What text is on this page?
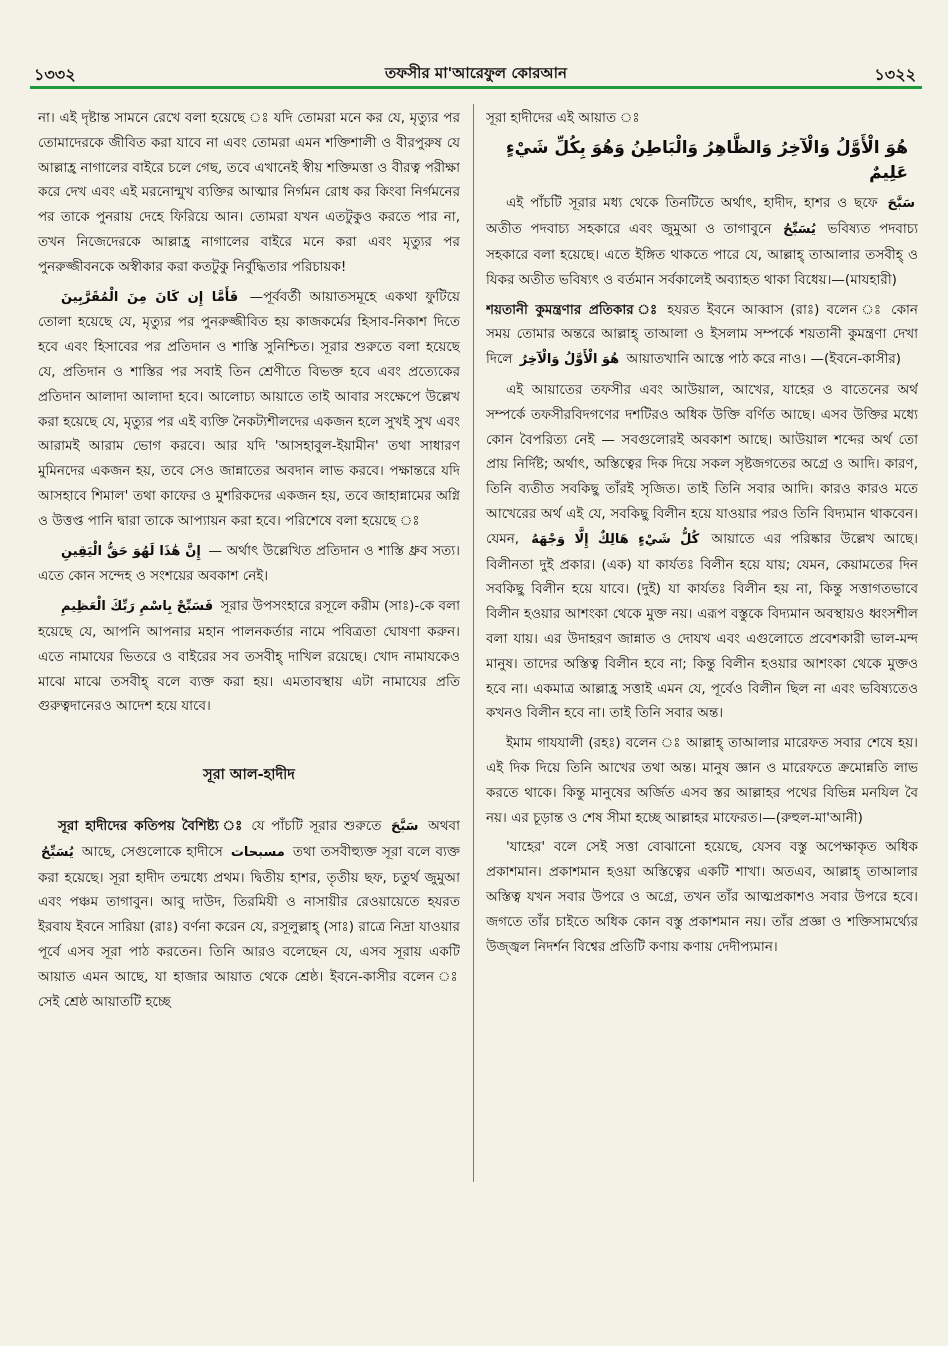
১৩৩২	তফসীর মা'আরেফুল কোরআন	১৩২২

না। এই দৃষ্টান্ত সামনে রেখে বলা হয়েছে ঃ যদি তোমরা মনে কর যে, মৃত্যুর পর তোমাদেরকে জীবিত করা যাবে না এবং তোমরা এমন শক্তিশালী ও বীরপুরুষ যে আল্লাহ্র নাগালের বাইরে চলে গেছ, তবে এখানেই স্বীয় শক্তিমত্তা ও বীরত্ব পরীক্ষা করে দেখ এবং এই মরনোন্মুখ ব্যক্তির আত্মার নির্গমন রোধ কর কিংবা নির্গমনের পর তাকে পুনরায় দেহে ফিরিয়ে আন। তোমরা যখন এতটুকুও করতে পার না, তখন নিজেদেরকে আল্লাহ্র নাগালের বাইরে মনে করা এবং মৃত্যুর পর পুনরুজ্জীবনকে অস্বীকার করা কতটুকু নির্বুদ্ধিতার পরিচায়ক!

فَأَمَّا إِن كَانَ مِنَ الْمُقَرَّبِينَ —পূর্ববর্তী আয়াতসমূহে একথা ফুটিয়ে তোলা হয়েছে যে, মৃত্যুর পর পুনরুজ্জীবিত হয় কাজকর্মের হিসাব-নিকাশ দিতে হবে এবং হিসাবের পর প্রতিদান ও শাস্তি সুনিশ্চিত। সূরার শুরুতে বলা হয়েছে যে, প্রতিদান ও শাস্তির পর সবাই তিন শ্রেণীতে বিভক্ত হবে এবং প্রত্যেকের প্রতিদান আলাদা আলাদা হবে। আলোচ্য আয়াতে তাই আবার সংক্ষেপে উল্লেখ করা হয়েছে যে, মৃত্যুর পর এই ব্যক্তি নৈকট্যশীলদের একজন হলে সুখই সুখ এবং আরামই আরাম ভোগ করবে। আর যদি 'আসহাবুল-ইয়ামীন' তথা সাধারণ মুমিনদের একজন হয়, তবে সেও জান্নাতের অবদান লাভ করবে। পক্ষান্তরে যদি আসহাবে শিমাল' তথা কাফের ও মুশরিকদের একজন হয়, তবে জাহান্নামের অগ্নি ও উত্তপ্ত পানি দ্বারা তাকে আপ্যায়ন করা হবে। পরিশেষে বলা হয়েছে ঃ

إِنَّ هَٰذَا لَهُوَ حَقُّ الْيَقِينِ — অর্থাৎ উল্লেখিত প্রতিদান ও শাস্তি ধ্রুব সত্য। এতে কোন সন্দেহ ও সংশয়ের অবকাশ নেই।

فَسَبِّحْ بِاسْمِ رَبِّكَ الْعَظِيمِ সূরার উপসংহারে রসূলে করীম (সাঃ)-কে বলা হয়েছে যে, আপনি আপনার মহান পালনকর্তার নামে পবিত্রতা ঘোষণা করুন। এতে নামাযের ভিতরে ও বাইরের সব তসবীহ্ দাখিল রয়েছে। খোদ নামাযকেও মাঝে মাঝে তসবীহ্ বলে ব্যক্ত করা হয়। এমতাবস্থায় এটা নামাযের প্রতি গুরুত্বদানেরও আদেশ হয়ে যাবে।

সূরা আল-হাদীদ

সূরা হাদীদের কতিপয় বৈশিষ্ট্য ঃ যে পাঁচটি সূরার শুরুতে سَبَّحَ অথবা يُسَبِّحُ আছে, সেগুলোকে হাদীসে مسبحات তথা তসবীহ্যুক্ত সূরা বলে ব্যক্ত করা হয়েছে। সূরা হাদীদ তন্মধ্যে প্রথম। দ্বিতীয় হাশর, তৃতীয় ছফ, চতুর্থ জুমুআ এবং পঞ্চম তাগাবুন। আবু দাউদ, তিরমিযী ও নাসায়ীর রেওয়ায়েতে হযরত ইরবায ইবনে সারিয়া (রাঃ) বর্ণনা করেন যে, রসূলুল্লাহ্ (সাঃ) রাত্রে নিদ্রা যাওয়ার পূর্বে এসব সূরা পাঠ করতেন। তিনি আরও বলেছেন যে, এসব সূরায় একটি আয়াত এমন আছে, যা হাজার আয়াত থেকে শ্রেষ্ঠ। ইবনে-কাসীর বলেন ঃ সেই শ্রেষ্ঠ আয়াতটি হচ্ছে

সূরা হাদীদের এই আয়াত ঃ

هُوَ الْأَوَّلُ وَالْآخِرُ وَالظَّاهِرُ وَالْبَاطِنُ وَهُوَ بِكُلِّ شَيْءٍ عَلِيمٌ

এই পাঁচটি সূরার মধ্য থেকে তিনটিতে অর্থাৎ, হাদীদ, হাশর ও ছফে سَبَّحَ অতীত পদবাচ্য সহকারে এবং জুমুআ ও তাগাবুনে يُسَبِّحُ ভবিষ্যত পদবাচ্য সহকারে বলা হয়েছে। এতে ইঙ্গিত থাকতে পারে যে, আল্লাহ্ তাআলার তসবীহ্ ও যিকর অতীত ভবিষ্যৎ ও বর্তমান সর্বকালেই অব্যাহত থাকা বিধেয়।—(মাযহারী)

শয়তানী কুমন্ত্রণার প্রতিকার ঃ হযরত ইবনে আব্বাস (রাঃ) বলেন ঃ কোন সময় তোমার অন্তরে আল্লাহ্ তাআলা ও ইসলাম সম্পর্কে শয়তানী কুমন্ত্রণা দেখা দিলে هُوَ الْأَوَّلُ وَالْآخِرُ আয়াতখানি আস্তে পাঠ করে নাও। —(ইবনে-কাসীর)

এই আয়াতের তফসীর এবং আউয়াল, আখের, যাহের ও বাতেনের অর্থ সম্পর্কে তফসীরবিদগণের দশটিরও অধিক উক্তি বর্ণিত আছে। এসব উক্তির মধ্যে কোন বৈপরিত্য নেই — সবগুলোরই অবকাশ আছে। আউয়াল শব্দের অর্থ তো প্রায় নির্দিষ্ট; অর্থাৎ, অস্তিত্বের দিক দিয়ে সকল সৃষ্টজগতের অগ্রে ও আদি। কারণ, তিনি ব্যতীত সবকিছু তাঁরই সৃজিত। তাই তিনি সবার আদি। কারও কারও মতে আখেরের অর্থ এই যে, সবকিছু বিলীন হয়ে যাওয়ার পরও তিনি বিদ্যমান থাকবেন। যেমন, كُلُّ شَيْءٍ هَالِكٌ إِلَّا وَجْهَهُ আয়াতে এর পরিষ্কার উল্লেখ আছে। বিলীনতা দুই প্রকার। (এক) যা কার্যতঃ বিলীন হয়ে যায়; যেমন, কেয়ামতের দিন সবকিছু বিলীন হয়ে যাবে। (দুই) যা কার্যতঃ বিলীন হয় না, কিন্তু সত্তাগতভাবে বিলীন হওয়ার আশংকা থেকে মুক্ত নয়। এরূপ বস্তুকে বিদ্যমান অবস্থায়ও ধ্বংসশীল বলা যায়। এর উদাহরণ জান্নাত ও দোযখ এবং এগুলোতে প্রবেশকারী ভাল-মন্দ মানুষ। তাদের অস্তিত্ব বিলীন হবে না; কিন্তু বিলীন হওয়ার আশংকা থেকে মুক্তও হবে না। একমাত্র আল্লাহ্র সত্তাই এমন যে, পূর্বেও বিলীন ছিল না এবং ভবিষ্যতেও কখনও বিলীন হবে না। তাই তিনি সবার অন্ত।

ইমাম গাযযালী (রহঃ) বলেন ঃ আল্লাহ্ তাআলার মারেফত সবার শেষে হয়। এই দিক দিয়ে তিনি আখের তথা অন্ত। মানুষ জ্ঞান ও মারেফতে ক্রমোন্নতি লাভ করতে থাকে। কিন্তু মানুষের অর্জিত এসব স্তর আল্লাহর পথের বিভিন্ন মনযিল বৈ নয়। এর চূড়ান্ত ও শেষ সীমা হচ্ছে আল্লাহর মাফেরত।—(রুহুল-মা'আনী)

'যাহের' বলে সেই সত্তা বোঝানো হয়েছে, যেসব বস্তু অপেক্ষাকৃত অধিক প্রকাশমান। প্রকাশমান হওয়া অস্তিত্বের একটি শাখা। অতএব, আল্লাহ্ তাআলার অস্তিত্ব যখন সবার উপরে ও অগ্রে, তখন তাঁর আত্মপ্রকাশও সবার উপরে হবে। জগতে তাঁর চাইতে অধিক কোন বস্তু প্রকাশমান নয়। তাঁর প্রজ্ঞা ও শক্তিসামর্থ্যের উজ্জ্বল নিদর্শন বিশ্বের প্রতিটি কণায় কণায় দেদীপ্যমান।
